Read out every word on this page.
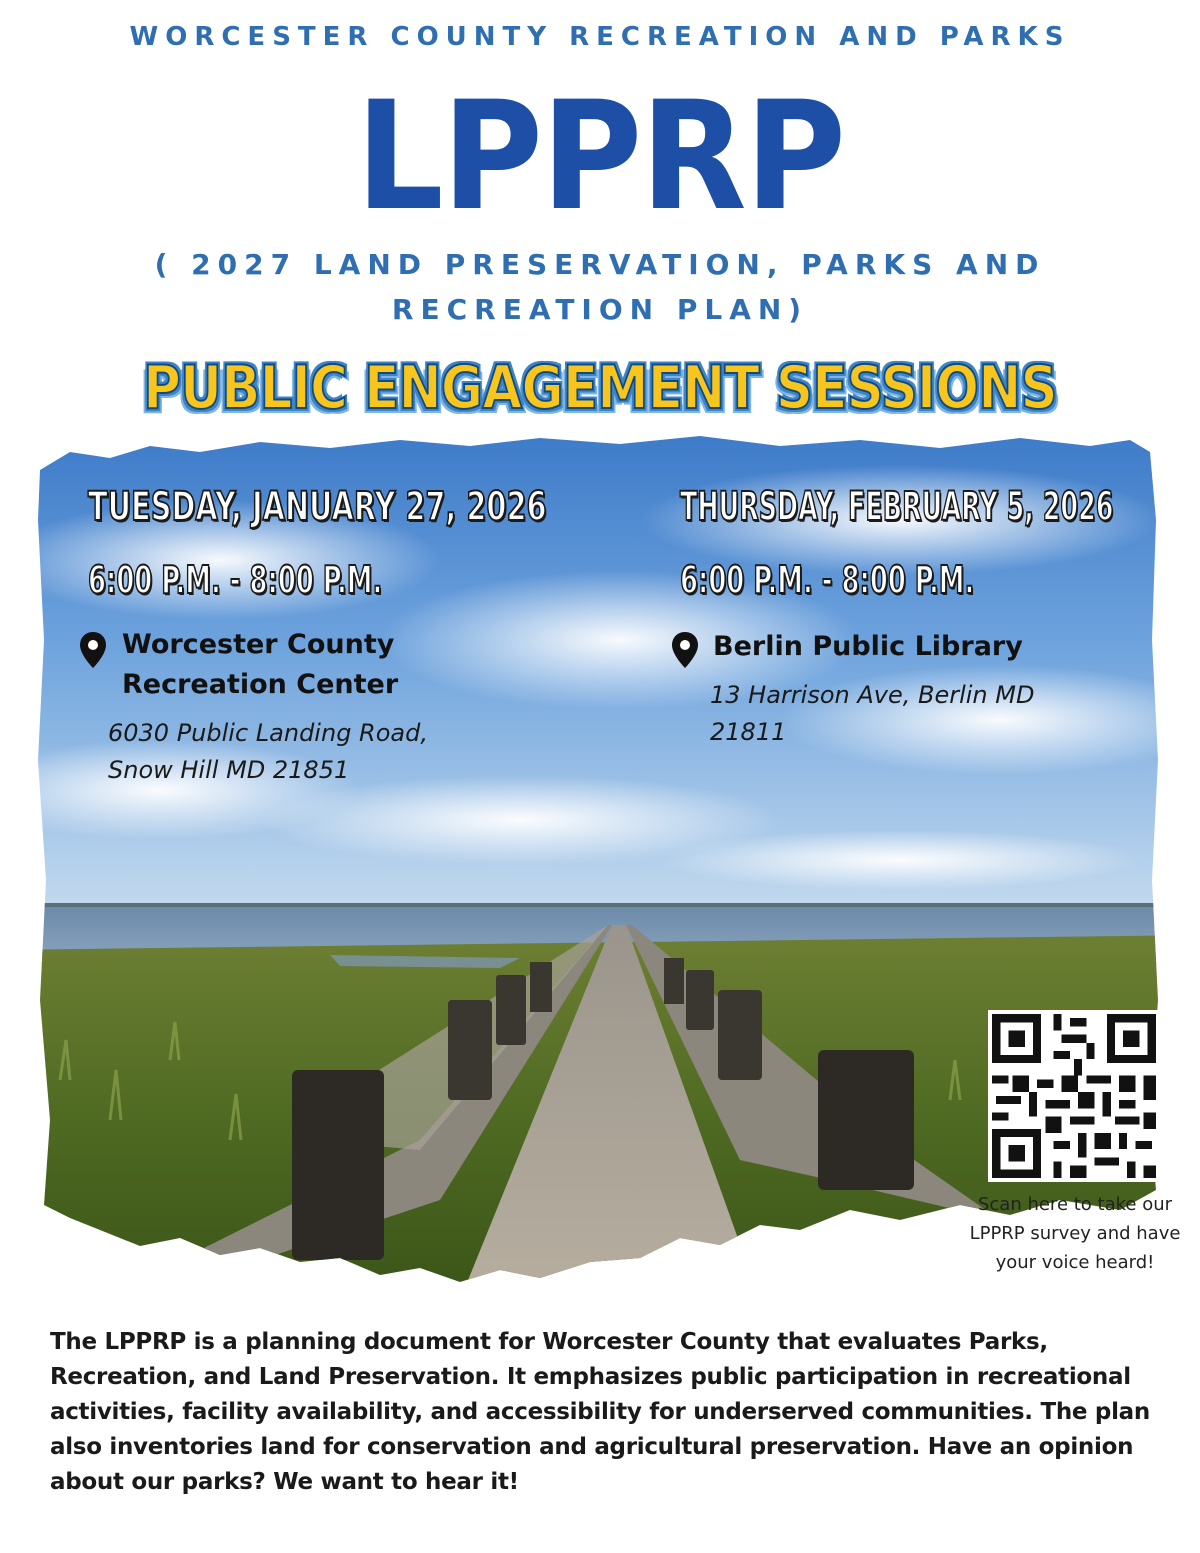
WORCESTER COUNTY RECREATION AND PARKS
LPPRP
( 2027 LAND PRESERVATION, PARKS AND RECREATION PLAN)
PUBLIC ENGAGEMENT SESSIONS
TUESDAY, JANUARY 27, 2026
6:00 P.M. - 8:00 P.M.
Worcester County
Recreation Center
6030 Public Landing Road,
Snow Hill MD 21851
THURSDAY, FEBRUARY 5, 2026
6:00 P.M. - 8:00 P.M.
Berlin Public Library
13 Harrison Ave, Berlin MD
21811
Scan here to take our LPPRP survey and have your voice heard!
The LPPRP is a planning document for Worcester County that evaluates Parks, Recreation, and Land Preservation. It emphasizes public participation in recreational activities, facility availability, and accessibility for underserved communities. The plan also inventories land for conservation and agricultural preservation. Have an opinion about our parks? We want to hear it!
